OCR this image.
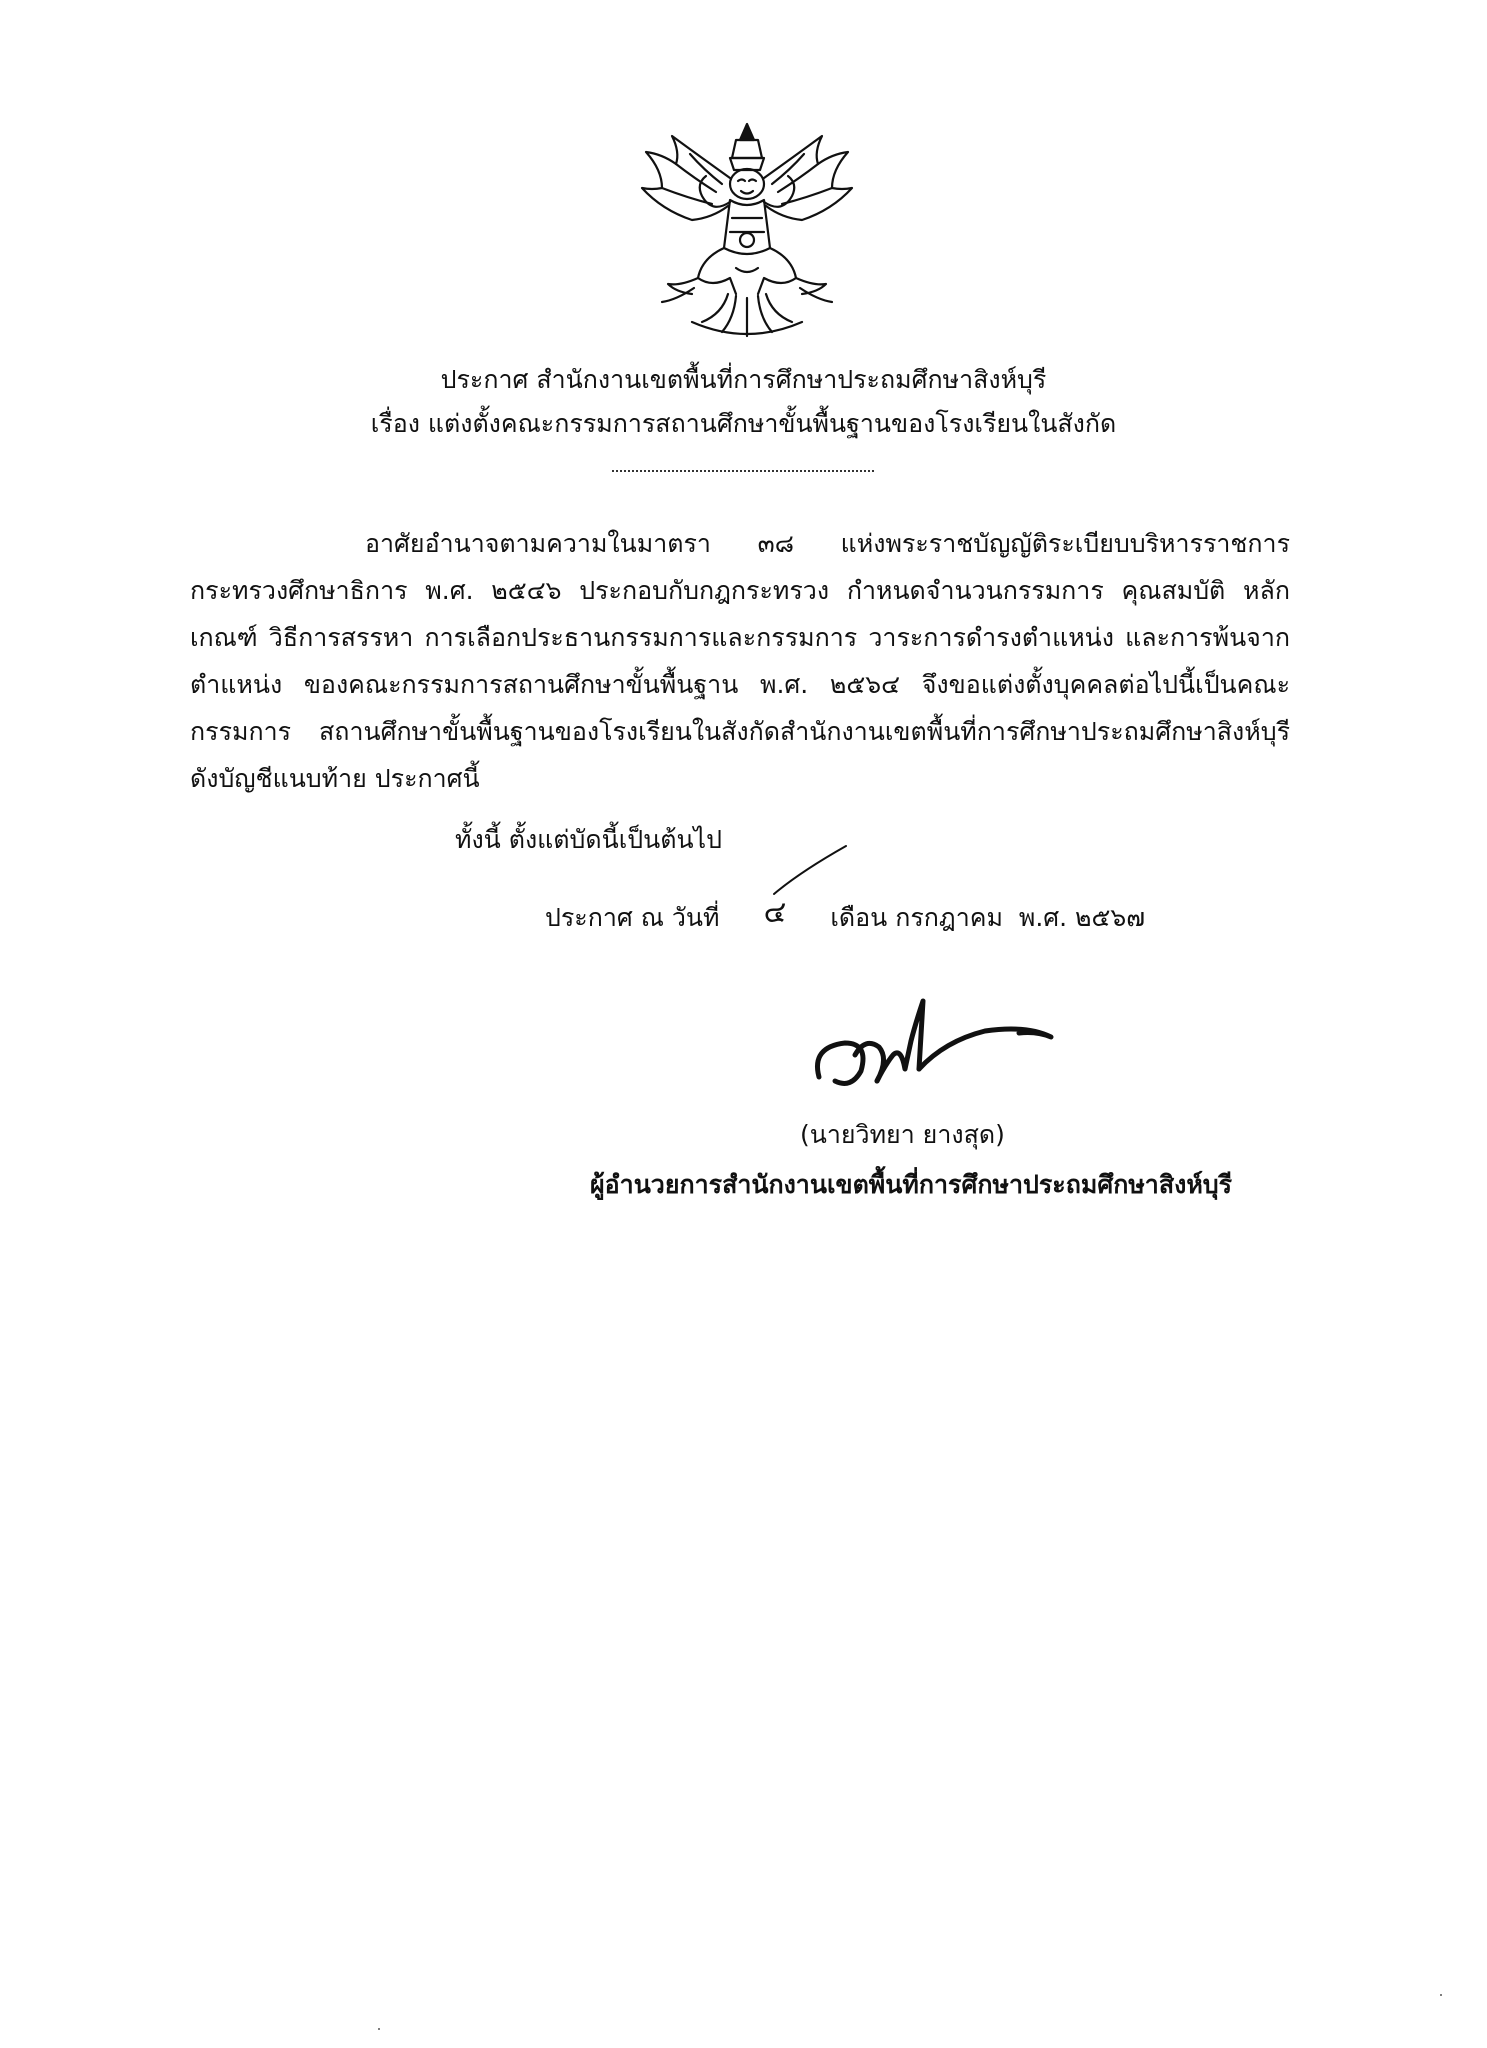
ประกาศ สำนักงานเขตพื้นที่การศึกษาประถมศึกษาสิงห์บุรี
เรื่อง แต่งตั้งคณะกรรมการสถานศึกษาขั้นพื้นฐานของโรงเรียนในสังกัด
อาศัยอำนาจตามความในมาตรา ๓๘ แห่งพระราชบัญญัติระเบียบบริหารราชการกระทรวงศึกษาธิการ พ.ศ. ๒๕๔๖ ประกอบกับกฎกระทรวง กำหนดจำนวนกรรมการ คุณสมบัติ หลักเกณฑ์ วิธีการสรรหา การเลือกประธานกรรมการและกรรมการ วาระการดำรงตำแหน่ง และการพ้นจากตำแหน่ง ของคณะกรรมการสถานศึกษาขั้นพื้นฐาน พ.ศ. ๒๕๖๔ จึงขอแต่งตั้งบุคคลต่อไปนี้เป็นคณะกรรมการ สถานศึกษาขั้นพื้นฐานของโรงเรียนในสังกัดสำนักงานเขตพื้นที่การศึกษาประถมศึกษาสิงห์บุรี ดังบัญชีแนบท้าย ประกาศนี้
ทั้งนี้ ตั้งแต่บัดนี้เป็นต้นไป
ประกาศ ณ วันที่ ๔ เดือน กรกฎาคม พ.ศ. ๒๕๖๗
(นายวิทยา ยางสุด)
ผู้อำนวยการสำนักงานเขตพื้นที่การศึกษาประถมศึกษาสิงห์บุรี
